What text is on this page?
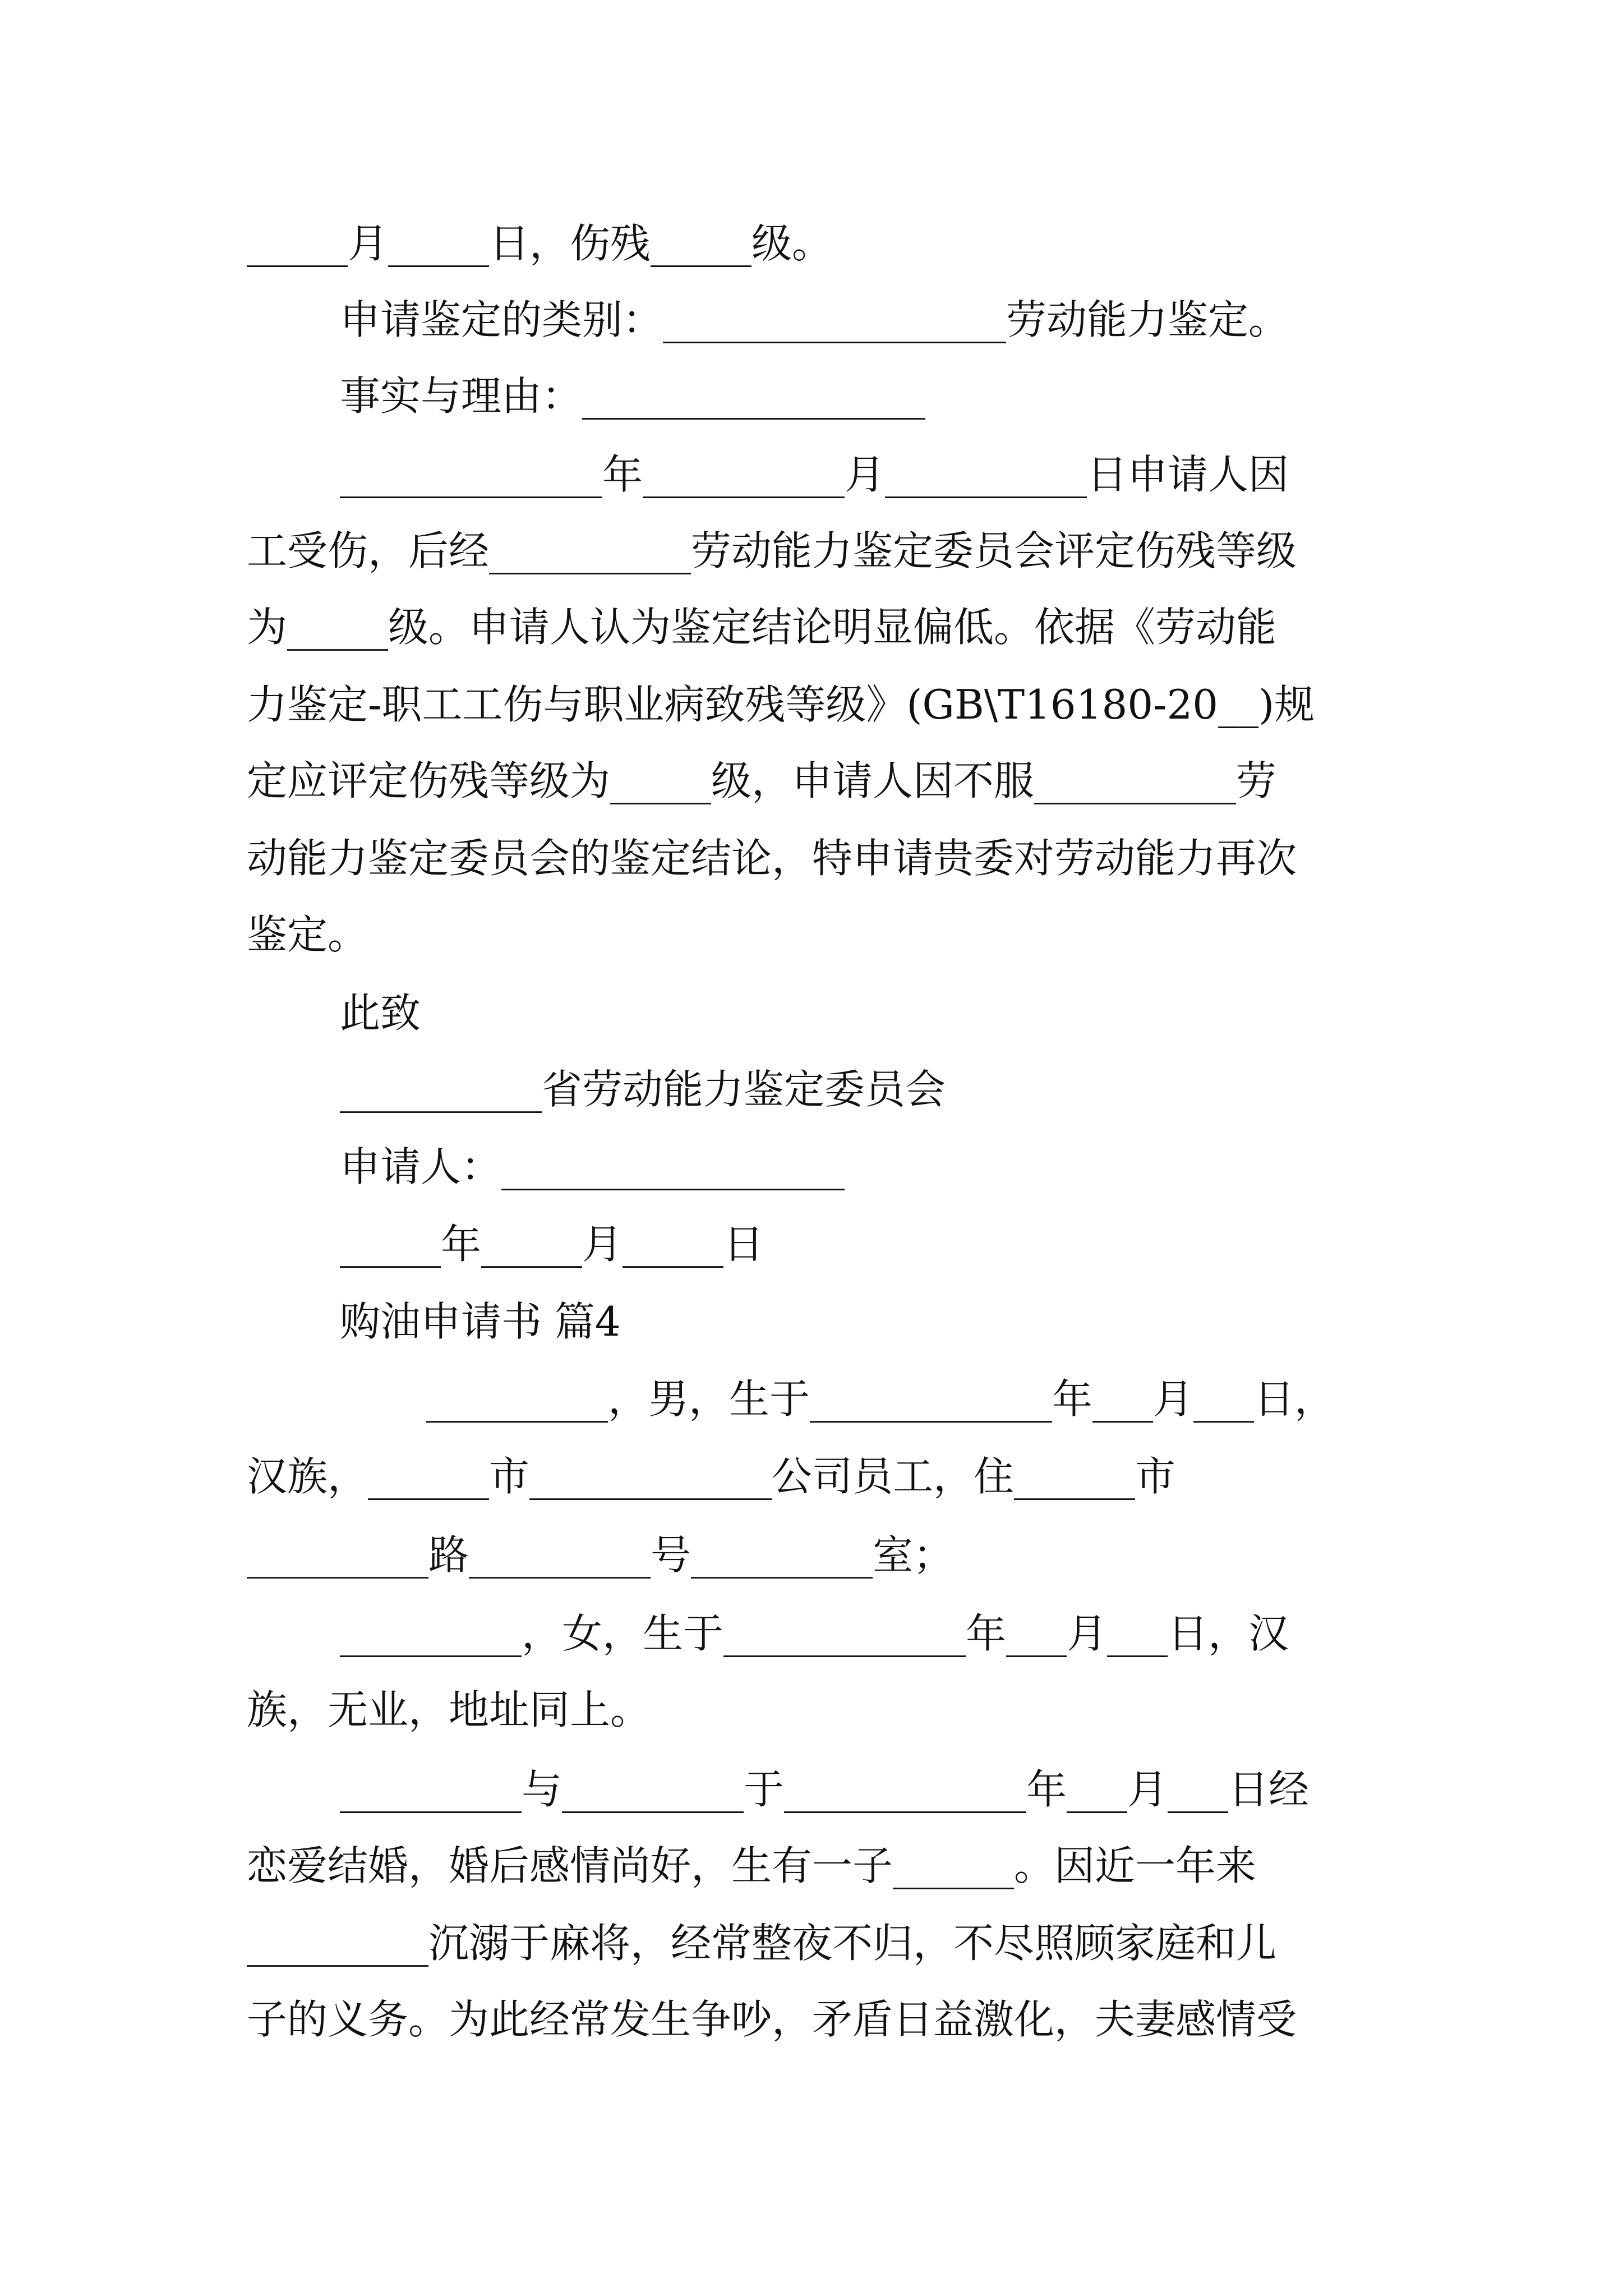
_____月_____日，伤残_____级。
申请鉴定的类别：_________________劳动能力鉴定。
事实与理由：_________________
_____________年__________月__________日申请人因
工受伤，后经__________劳动能力鉴定委员会评定伤残等级
为_____级。申请人认为鉴定结论明显偏低。依据《劳动能
力鉴定-职工工伤与职业病致残等级》(GB\T16180-20__)规
定应评定伤残等级为_____级，申请人因不服__________劳
动能力鉴定委员会的鉴定结论，特申请贵委对劳动能力再次
鉴定。
此致
__________省劳动能力鉴定委员会
申请人：_________________
_____年_____月_____日
购油申请书 篇4
_________，男，生于____________年___月___日，
汉族，______市____________公司员工，住______市
_________路_________号_________室；
_________，女，生于____________年___月___日，汉
族，无业，地址同上。
_________与_________于____________年___月___日经
恋爱结婚，婚后感情尚好，生有一子______。因近一年来
_________沉溺于麻将，经常整夜不归，不尽照顾家庭和儿
子的义务。为此经常发生争吵，矛盾日益激化，夫妻感情受
